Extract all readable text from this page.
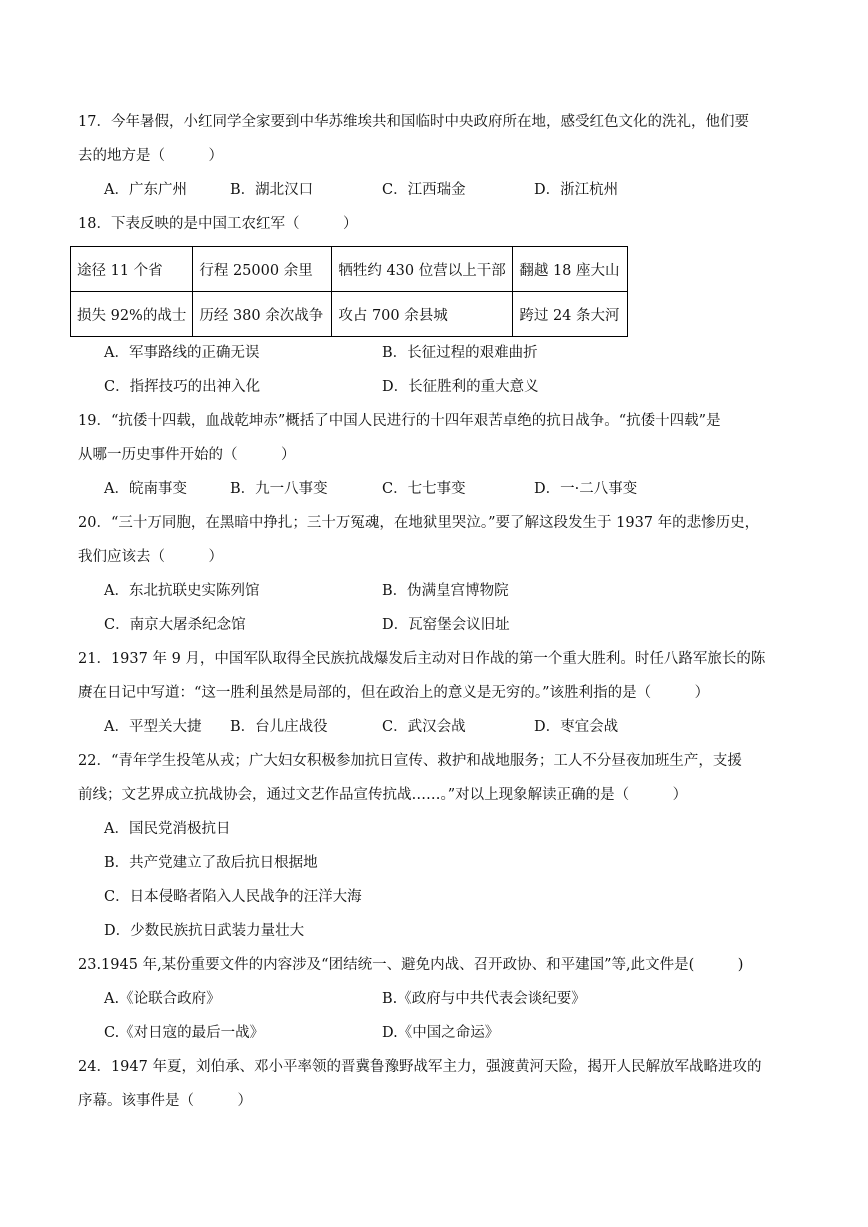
17．今年暑假，小红同学全家要到中华苏维埃共和国临时中央政府所在地，感受红色文化的洗礼，他们要
去的地方是（　　　）
A．广东广州	B．湖北汉口	C．江西瑞金	D．浙江杭州
18．下表反映的是中国工农红军（　　　）
途径 11 个省	行程 25000 余里	牺牲约 430 位营以上干部	翻越 18 座大山
损失 92%的战士	历经 380 余次战争	攻占 700 余县城	跨过 24 条大河
A．军事路线的正确无误	B．长征过程的艰难曲折
C．指挥技巧的出神入化	D．长征胜利的重大意义
19．“抗倭十四载，血战乾坤赤”概括了中国人民进行的十四年艰苦卓绝的抗日战争。“抗倭十四载”是
从哪一历史事件开始的（　　　）
A．皖南事变	B．九一八事变	C．七七事变	D．一·二八事变
20．“三十万同胞，在黑暗中挣扎；三十万冤魂，在地狱里哭泣。”要了解这段发生于 1937 年的悲惨历史，
我们应该去（　　　）
A．东北抗联史实陈列馆	B．伪满皇宫博物院
C．南京大屠杀纪念馆	D．瓦窑堡会议旧址
21．1937 年 9 月，中国军队取得全民族抗战爆发后主动对日作战的第一个重大胜利。时任八路军旅长的陈
赓在日记中写道：“这一胜利虽然是局部的，但在政治上的意义是无穷的。”该胜利指的是（　　　）
A．平型关大捷 B．台儿庄战役	C．武汉会战	D．枣宜会战
22．“青年学生投笔从戎；广大妇女积极参加抗日宣传、救护和战地服务；工人不分昼夜加班生产，支援
前线；文艺界成立抗战协会，通过文艺作品宣传抗战……。”对以上现象解读正确的是（　　　）
A．国民党消极抗日
B．共产党建立了敌后抗日根据地
C．日本侵略者陷入人民战争的汪洋大海
D．少数民族抗日武装力量壮大
23.1945 年,某份重要文件的内容涉及“团结统一、避免内战、召开政协、和平建国”等,此文件是(　　　)
A.《论联合政府》	B.《政府与中共代表会谈纪要》
C.《对日寇的最后一战》	D.《中国之命运》
24．1947 年夏，刘伯承、邓小平率领的晋冀鲁豫野战军主力，强渡黄河天险，揭开人民解放军战略进攻的
序幕。该事件是（　　　）
